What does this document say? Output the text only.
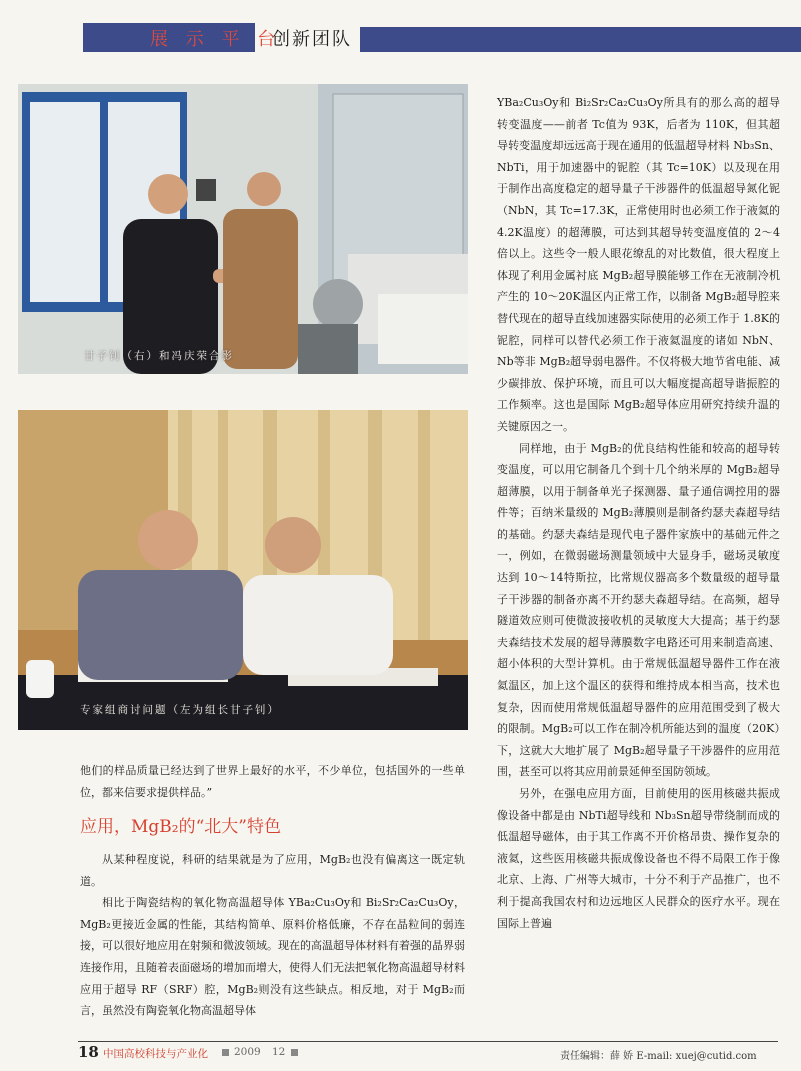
展 示 平 台
创新团队
甘子钊（右）和冯庆荣合影
专家组商讨问题（左为组长甘子钊）

YBa₂Cu₃Oy和 Bi₂Sr₂Ca₂Cu₃Oy所具有的那么高的超导转变温度——前者 Tc值为 93K，后者为 110K，但其超导转变温度却远远高于现在通用的低温超导材料 Nb₃Sn、NbTi，用于加速器中的铌腔（其 Tc=10K）以及现在用于制作出高度稳定的超导量子干涉器件的低温超导氮化铌（NbN，其 Tc=17.3K，正常使用时也必须工作于液氦的 4.2K温度）的超薄膜，可达到其超导转变温度值的 2～4倍以上。这些令一般人眼花缭乱的对比数值，很大程度上体现了利用金属衬底 MgB₂超导膜能够工作在无液制冷机产生的 10～20K温区内正常工作，以制备 MgB₂超导腔来替代现在的超导直线加速器实际使用的必须工作于 1.8K的铌腔，同样可以替代必须工作于液氦温度的诸如 NbN、Nb等非 MgB₂超导弱电器件。不仅将极大地节省电能、减少碳排放、保护环境，而且可以大幅度提高超导谐振腔的工作频率。这也是国际 MgB₂超导体应用研究持续升温的关键原因之一。

同样地，由于 MgB₂的优良结构性能和较高的超导转变温度，可以用它制备几个到十几个纳米厚的 MgB₂超导超薄膜，以用于制备单光子探测器、量子通信调控用的器件等；百纳米量级的 MgB₂薄膜则是制备约瑟夫森超导结的基础。约瑟夫森结是现代电子器件家族中的基础元件之一，例如，在微弱磁场测量领域中大显身手，磁场灵敏度达到 10～14特斯拉，比常规仪器高多个数量级的超导量子干涉器的制备亦离不开约瑟夫森超导结。在高频，超导隧道效应则可使微波接收机的灵敏度大大提高；基于约瑟夫森结技术发展的超导薄膜数字电路还可用来制造高速、超小体积的大型计算机。由于常规低温超导器件工作在液氦温区，加上这个温区的获得和维持成本相当高，技术也复杂，因而使用常规低温超导器件的应用范围受到了极大的限制。MgB₂可以工作在制冷机所能达到的温度（20K）下，这就大大地扩展了 MgB₂超导量子干涉器件的应用范围，甚至可以将其应用前景延伸至国防领域。

另外，在强电应用方面，目前使用的医用核磁共振成像设备中都是由 NbTi超导线和 Nb₃Sn超导带绕制而成的低温超导磁体，由于其工作离不开价格昂贵、操作复杂的液氦，这些医用核磁共振成像设备也不得不局限工作于像北京、上海、广州等大城市，十分不利于产品推广，也不利于提高我国农村和边远地区人民群众的医疗水平。现在国际上普遍

他们的样品质量已经达到了世界上最好的水平，不少单位，包括国外的一些单位，都来信要求提供样品。”

应用，MgB₂的“北大”特色

从某种程度说，科研的结果就是为了应用，MgB₂也没有偏离这一既定轨道。

相比于陶瓷结构的氧化物高温超导体 YBa₂Cu₃Oy和 Bi₂Sr₂Ca₂Cu₃Oy，MgB₂更接近金属的性能，其结构简单、原料价格低廉，不存在晶粒间的弱连接，可以很好地应用在射频和微波领域。现在的高温超导体材料有着强的晶界弱连接作用，且随着表面磁场的增加而增大，使得人们无法把氧化物高温超导材料应用于超导 RF（SRF）腔，MgB₂则没有这些缺点。相反地，对于 MgB₂而言，虽然没有陶瓷氧化物高温超导体

18 中国高校科技与产业化 2009 12	责任编辑：薛 娇 E-mail: xuej@cutid.com
